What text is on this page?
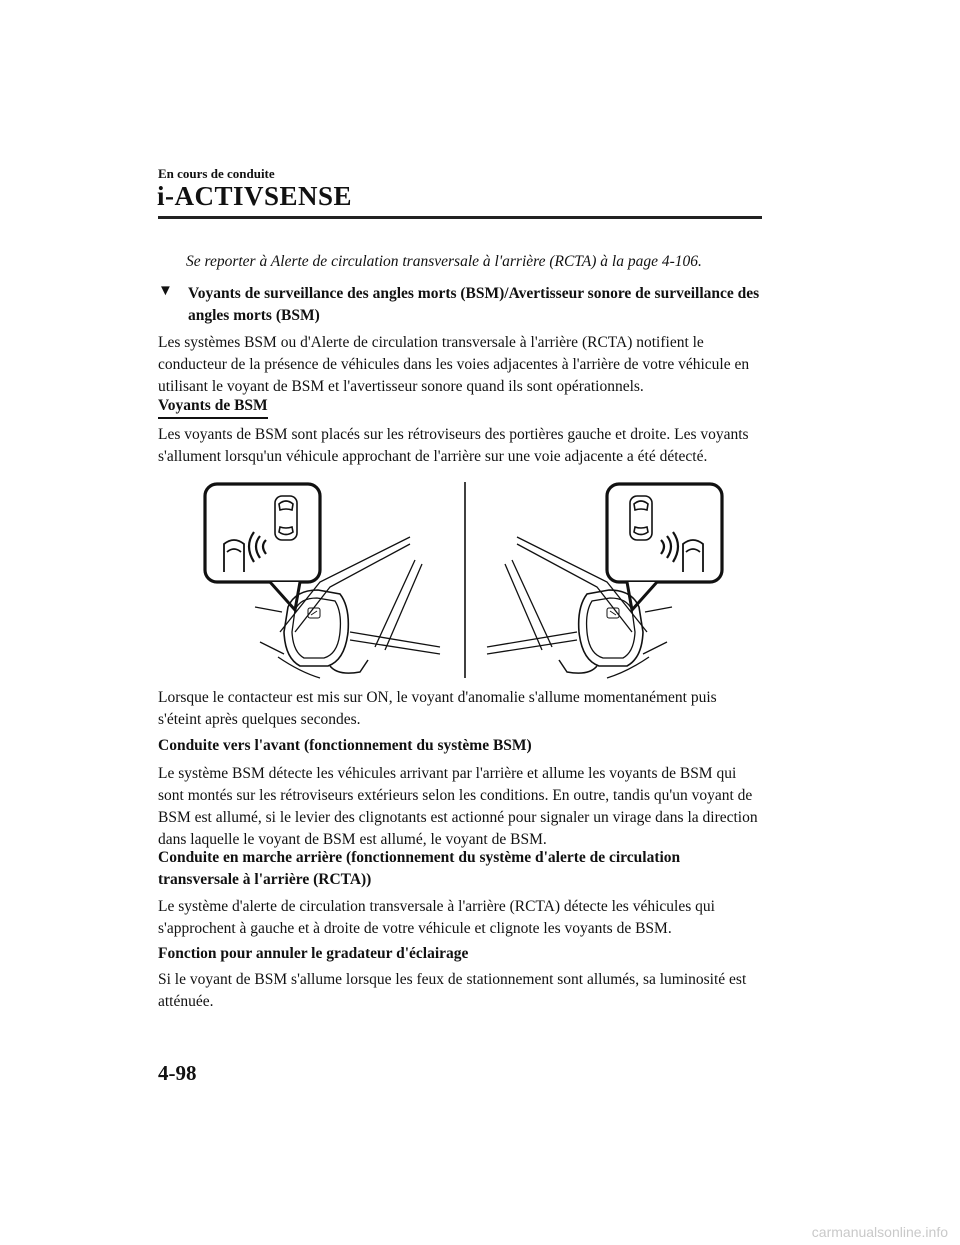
En cours de conduite
i-ACTIVSENSE
Se reporter à Alerte de circulation transversale à l'arrière (RCTA) à la page 4-106.
▼ Voyants de surveillance des angles morts (BSM)/Avertisseur sonore de surveillance des angles morts (BSM)
Les systèmes BSM ou d'Alerte de circulation transversale à l'arrière (RCTA) notifient le conducteur de la présence de véhicules dans les voies adjacentes à l'arrière de votre véhicule en utilisant le voyant de BSM et l'avertisseur sonore quand ils sont opérationnels.
Voyants de BSM
Les voyants de BSM sont placés sur les rétroviseurs des portières gauche et droite. Les voyants s'allument lorsqu'un véhicule approchant de l'arrière sur une voie adjacente a été détecté.
Lorsque le contacteur est mis sur ON, le voyant d'anomalie s'allume momentanément puis s'éteint après quelques secondes.
Conduite vers l'avant (fonctionnement du système BSM)
Le système BSM détecte les véhicules arrivant par l'arrière et allume les voyants de BSM qui sont montés sur les rétroviseurs extérieurs selon les conditions. En outre, tandis qu'un voyant de BSM est allumé, si le levier des clignotants est actionné pour signaler un virage dans la direction dans laquelle le voyant de BSM est allumé, le voyant de BSM.
Conduite en marche arrière (fonctionnement du système d'alerte de circulation transversale à l'arrière (RCTA))
Le système d'alerte de circulation transversale à l'arrière (RCTA) détecte les véhicules qui s'approchent à gauche et à droite de votre véhicule et clignote les voyants de BSM.
Fonction pour annuler le gradateur d'éclairage
Si le voyant de BSM s'allume lorsque les feux de stationnement sont allumés, sa luminosité est atténuée.
4-98
carmanualsonline.info
